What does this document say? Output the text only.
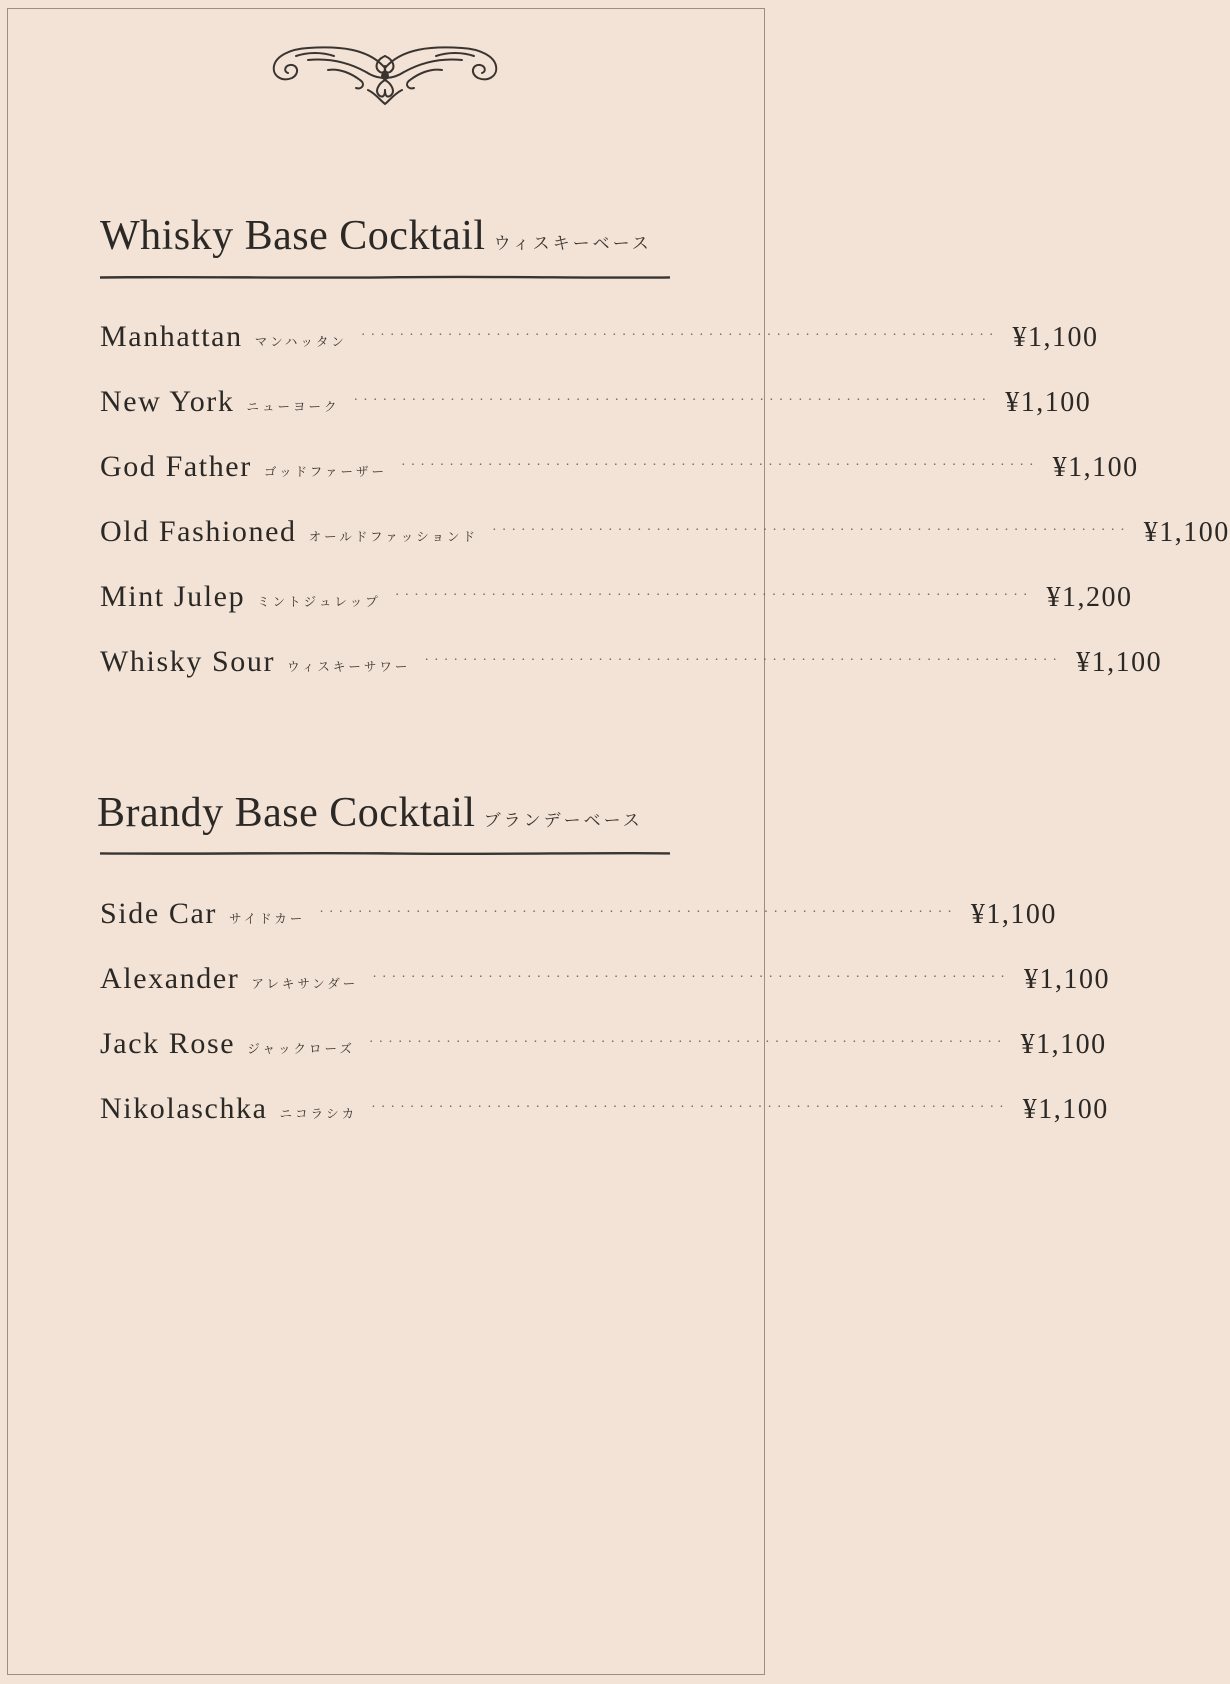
Whisky Base Cocktail ウィスキーベース
Manhattan マンハッタン ·································································· ¥1,100
New York ニューヨーク ·································································· ¥1,100
God Father ゴッドファーザー ·································································· ¥1,100
Old Fashioned オールドファッションド ·································································· ¥1,100
Mint Julep ミントジュレップ ·································································· ¥1,200
Whisky Sour ウィスキーサワー ·································································· ¥1,100
Brandy Base Cocktail ブランデーベース
Side Car サイドカー ·································································· ¥1,100
Alexander アレキサンダー ·································································· ¥1,100
Jack Rose ジャックローズ ·································································· ¥1,100
Nikolaschka ニコラシカ ·································································· ¥1,100
